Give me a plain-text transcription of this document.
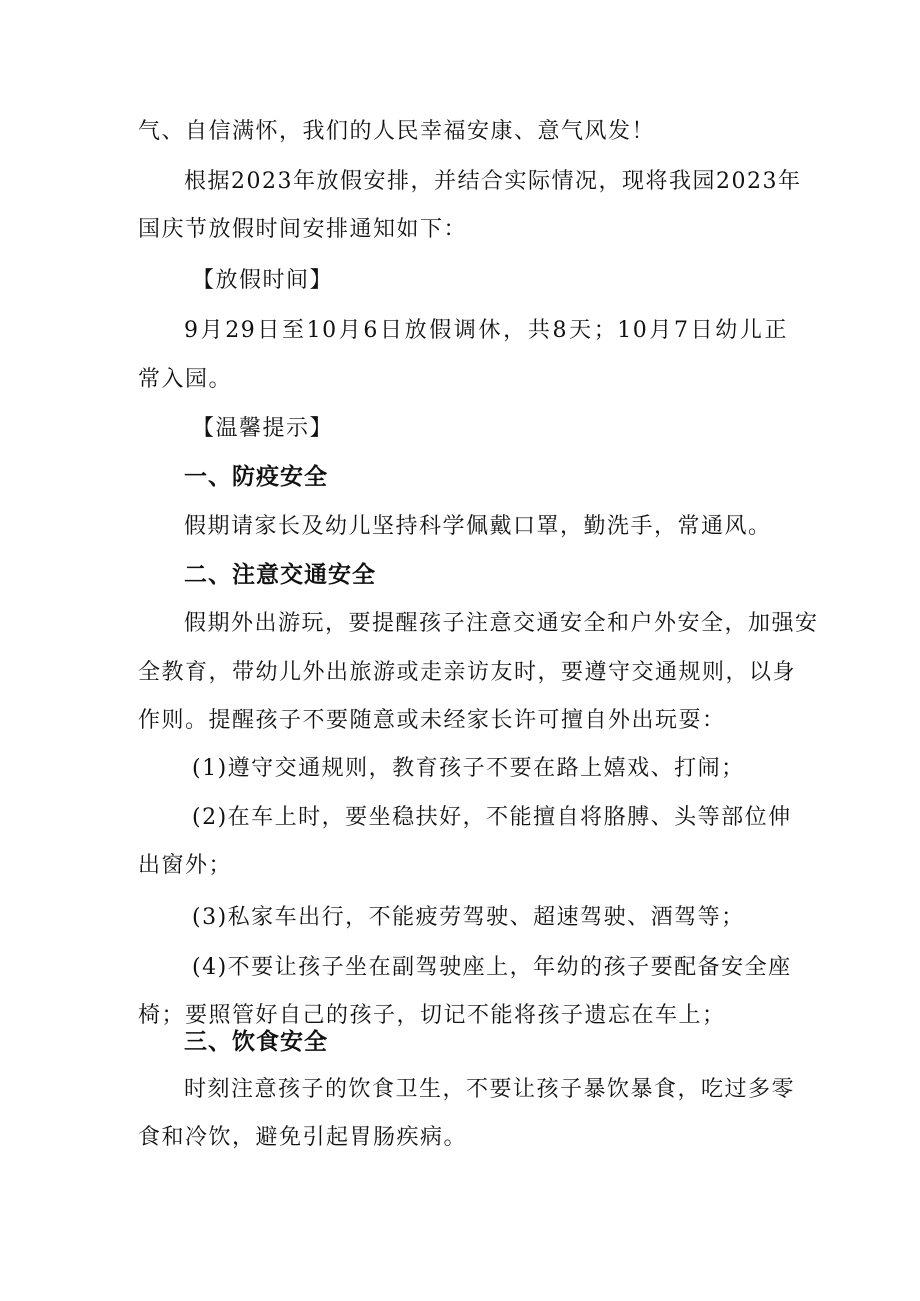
气、自信满怀，我们的人民幸福安康、意气风发！
根据2023年放假安排，并结合实际情况，现将我园2023年
国庆节放假时间安排通知如下：
【放假时间】
9月29日至10月6日放假调休，共8天；10月7日幼儿正
常入园。
【温馨提示】
一、防疫安全
假期请家长及幼儿坚持科学佩戴口罩，勤洗手，常通风。
二、注意交通安全
假期外出游玩，要提醒孩子注意交通安全和户外安全，加强安
全教育，带幼儿外出旅游或走亲访友时，要遵守交通规则，以身
作则。提醒孩子不要随意或未经家长许可擅自外出玩耍：
(1)遵守交通规则，教育孩子不要在路上嬉戏、打闹；
(2)在车上时，要坐稳扶好，不能擅自将胳膊、头等部位伸
出窗外；
(3)私家车出行，不能疲劳驾驶、超速驾驶、酒驾等；
(4)不要让孩子坐在副驾驶座上，年幼的孩子要配备安全座
椅；要照管好自己的孩子，切记不能将孩子遗忘在车上；
三、饮食安全
时刻注意孩子的饮食卫生，不要让孩子暴饮暴食，吃过多零
食和冷饮，避免引起胃肠疾病。
